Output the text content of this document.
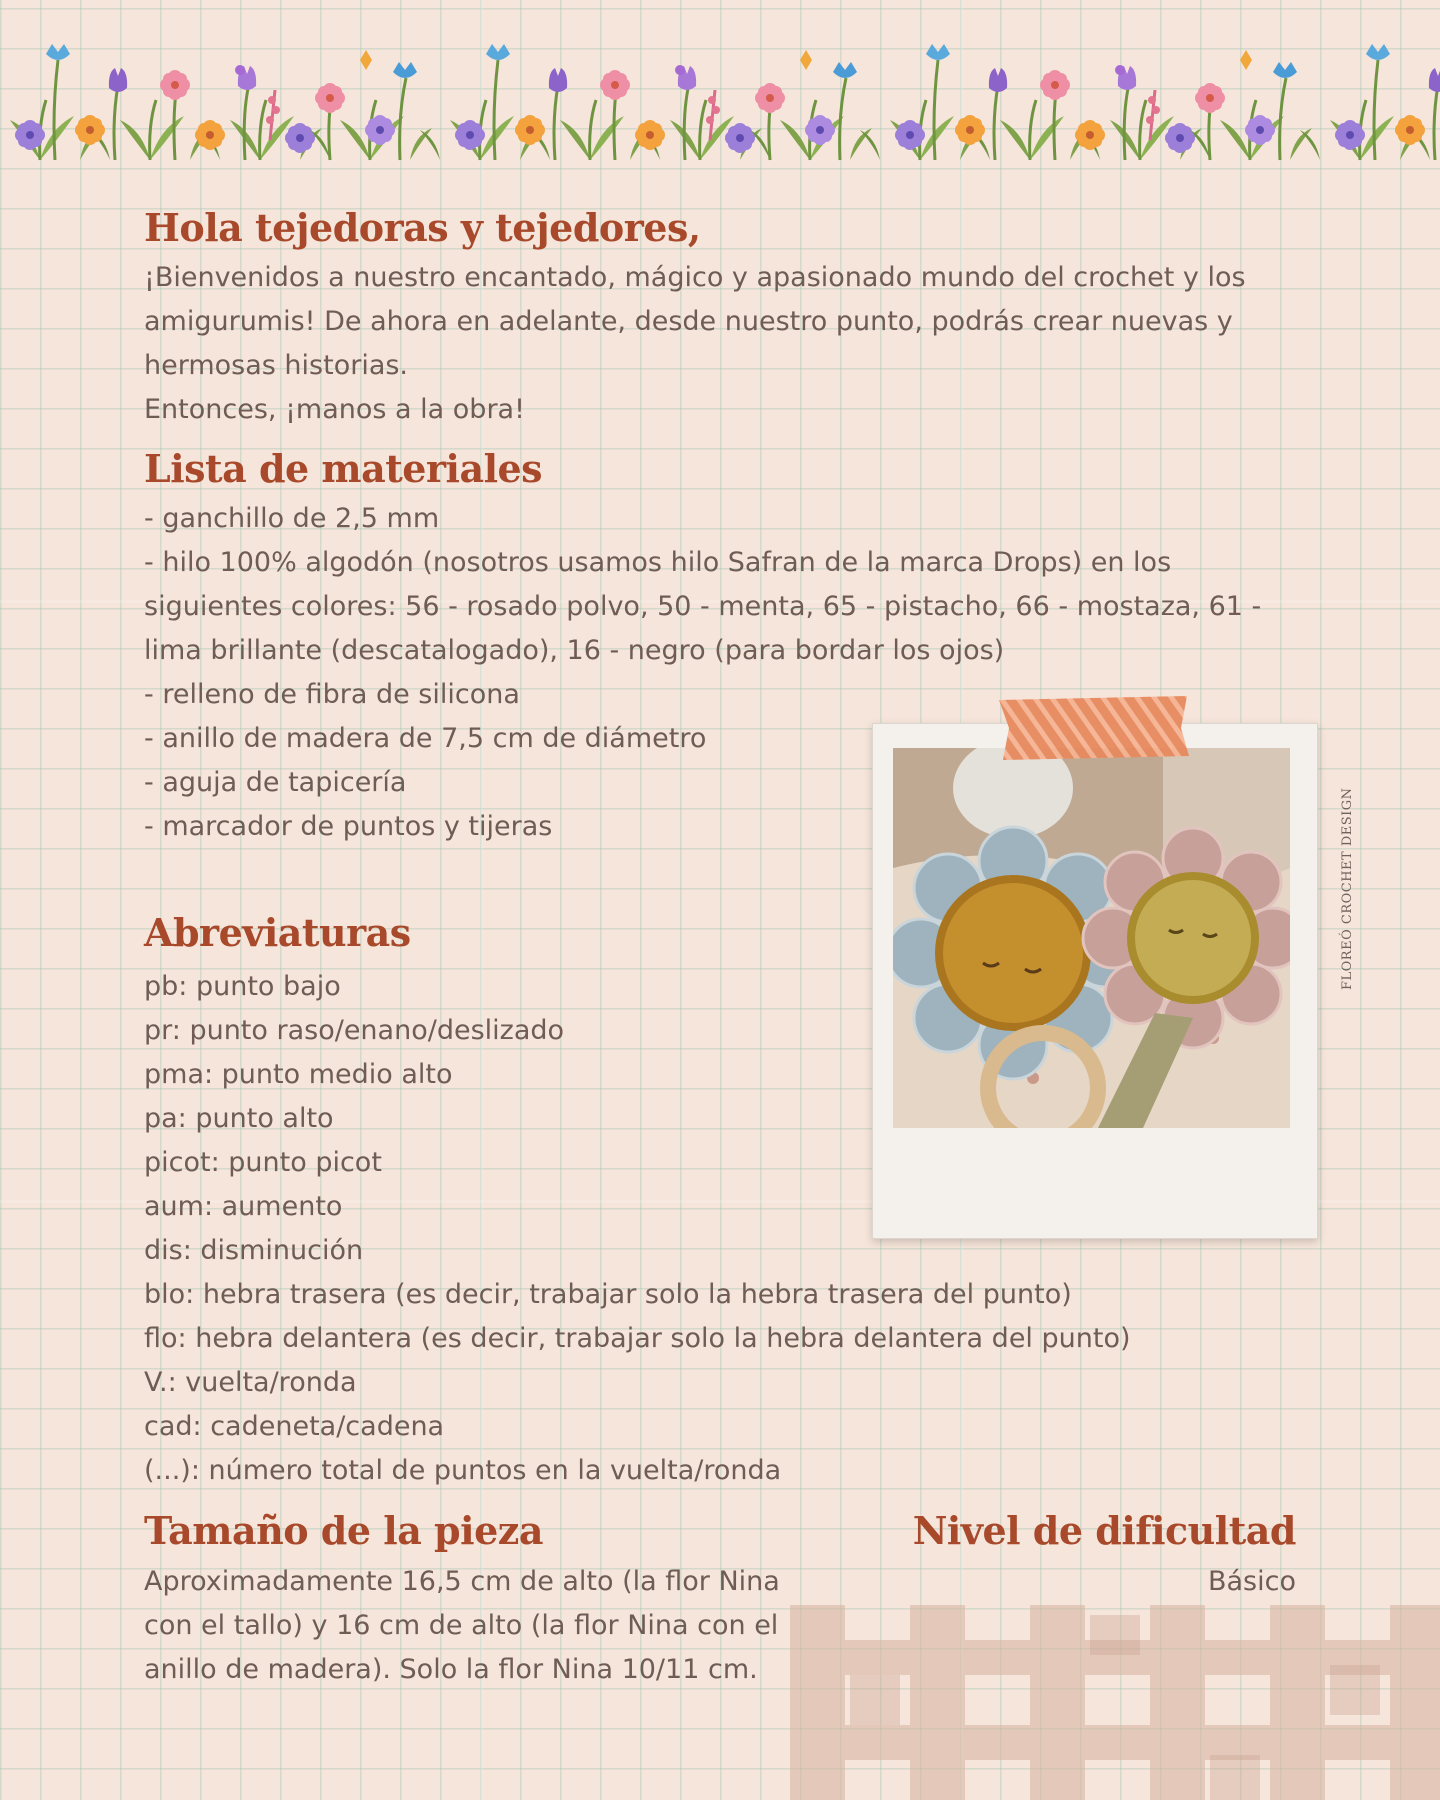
Hola tejedoras y tejedores,

¡Bienvenidos a nuestro encantado, mágico y apasionado mundo del crochet y los amigurumis! De ahora en adelante, desde nuestro punto, podrás crear nuevas y hermosas historias.

Entonces, ¡manos a la obra!

Lista de materiales
- ganchillo de 2,5 mm
- hilo 100% algodón (nosotros usamos hilo Safran de la marca Drops) en los siguientes colores: 56 - rosado polvo, 50 - menta, 65 - pistacho, 66 - mostaza, 61 - lima brillante (descatalogado), 16 - negro (para bordar los ojos)
- relleno de fibra de silicona
- anillo de madera de 7,5 cm de diámetro
- aguja de tapicería
- marcador de puntos y tijeras
Abreviaturas
pb: punto bajo
pr: punto raso/enano/deslizado
pma: punto medio alto
pa: punto alto
picot: punto picot
aum: aumento
dis: disminución
blo: hebra trasera (es decir, trabajar solo la hebra trasera del punto)
flo: hebra delantera (es decir, trabajar solo la hebra delantera del punto)
V.: vuelta/ronda
cad: cadeneta/cadena
(...): número total de puntos en la vuelta/ronda
FLOREÓ CROCHET DESIGN
Tamaño de la pieza

Aproximadamente 16,5 cm de alto (la flor Nina con el tallo) y 16 cm de alto (la flor Nina con el anillo de madera). Solo la flor Nina 10/11 cm.

Nivel de dificultad

Básico
